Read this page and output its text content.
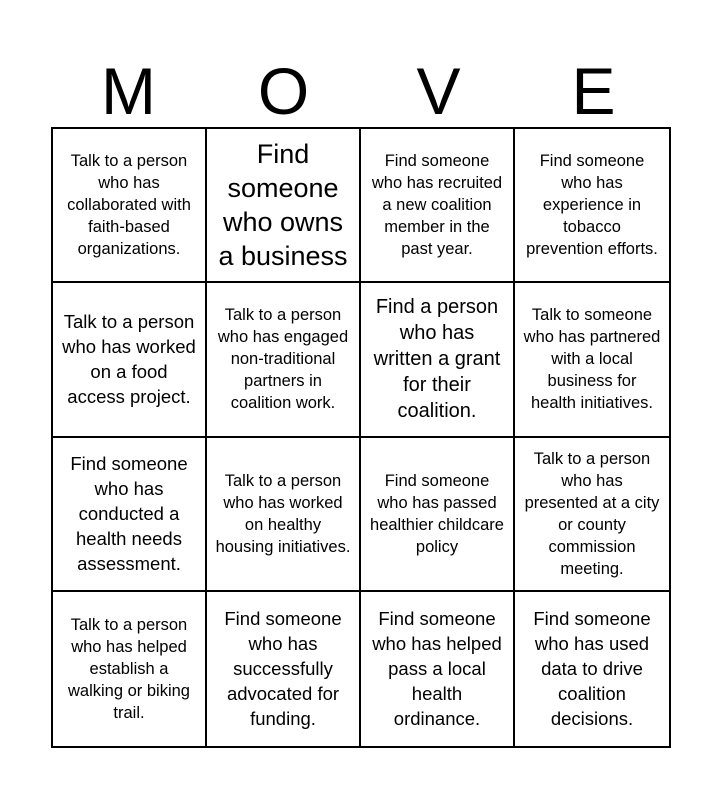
M	O	V	E
Talk to a person who has collaborated with faith-based organizations.
Find someone who owns a business
Find someone who has recruited a new coalition member in the past year.
Find someone who has experience in tobacco prevention efforts.
Talk to a person who has worked on a food access project.
Talk to a person who has engaged non-traditional partners in coalition work.
Find a person who has written a grant for their coalition.
Talk to someone who has partnered with a local business for health initiatives.
Find someone who has conducted a health needs assessment.
Talk to a person who has worked on healthy housing initiatives.
Find someone who has passed healthier childcare policy
Talk to a person who has presented at a city or county commission meeting.
Talk to a person who has helped establish a walking or biking trail.
Find someone who has successfully advocated for funding.
Find someone who has helped pass a local health ordinance.
Find someone who has used data to drive coalition decisions.
